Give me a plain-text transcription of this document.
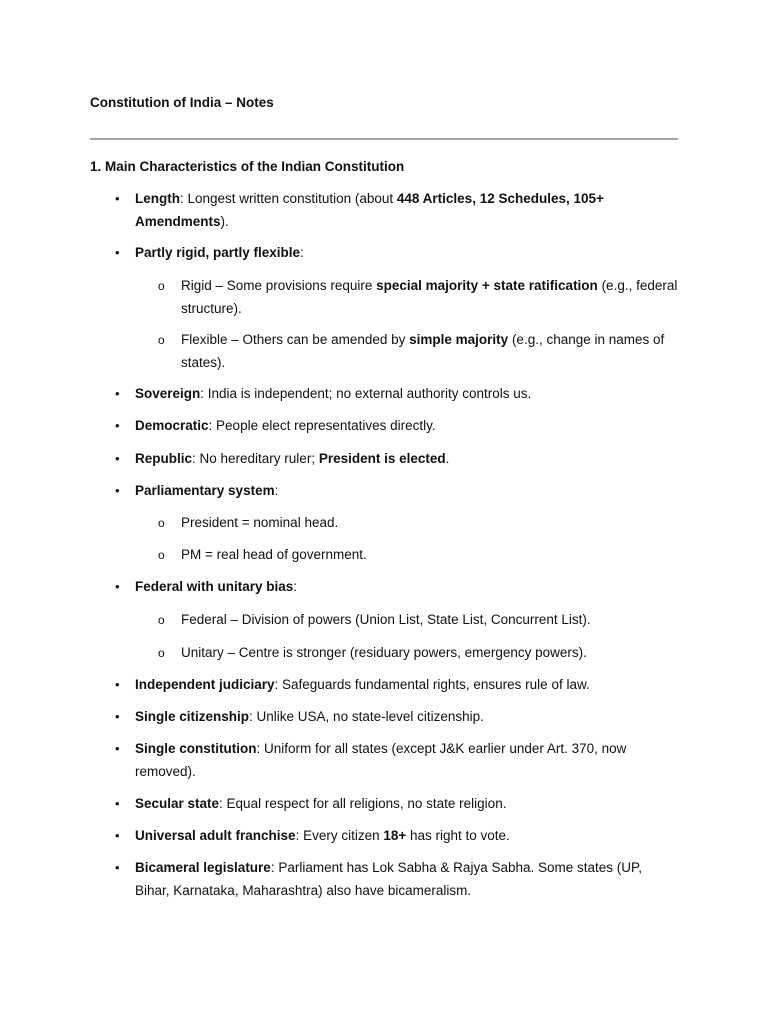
Constitution of India – Notes
1. Main Characteristics of the Indian Constitution
•
Length: Longest written constitution (about 448 Articles, 12 Schedules, 105+ Amendments).
•
Partly rigid, partly flexible:
o
Rigid – Some provisions require special majority + state ratification (e.g., federal structure).
o
Flexible – Others can be amended by simple majority (e.g., change in names of states).
•
Sovereign: India is independent; no external authority controls us.
•
Democratic: People elect representatives directly.
•
Republic: No hereditary ruler; President is elected.
•
Parliamentary system:
o
President = nominal head.
o
PM = real head of government.
•
Federal with unitary bias:
o
Federal – Division of powers (Union List, State List, Concurrent List).
o
Unitary – Centre is stronger (residuary powers, emergency powers).
•
Independent judiciary: Safeguards fundamental rights, ensures rule of law.
•
Single citizenship: Unlike USA, no state-level citizenship.
•
Single constitution: Uniform for all states (except J&K earlier under Art. 370, now removed).
•
Secular state: Equal respect for all religions, no state religion.
•
Universal adult franchise: Every citizen 18+ has right to vote.
•
Bicameral legislature: Parliament has Lok Sabha & Rajya Sabha. Some states (UP, Bihar, Karnataka, Maharashtra) also have bicameralism.
